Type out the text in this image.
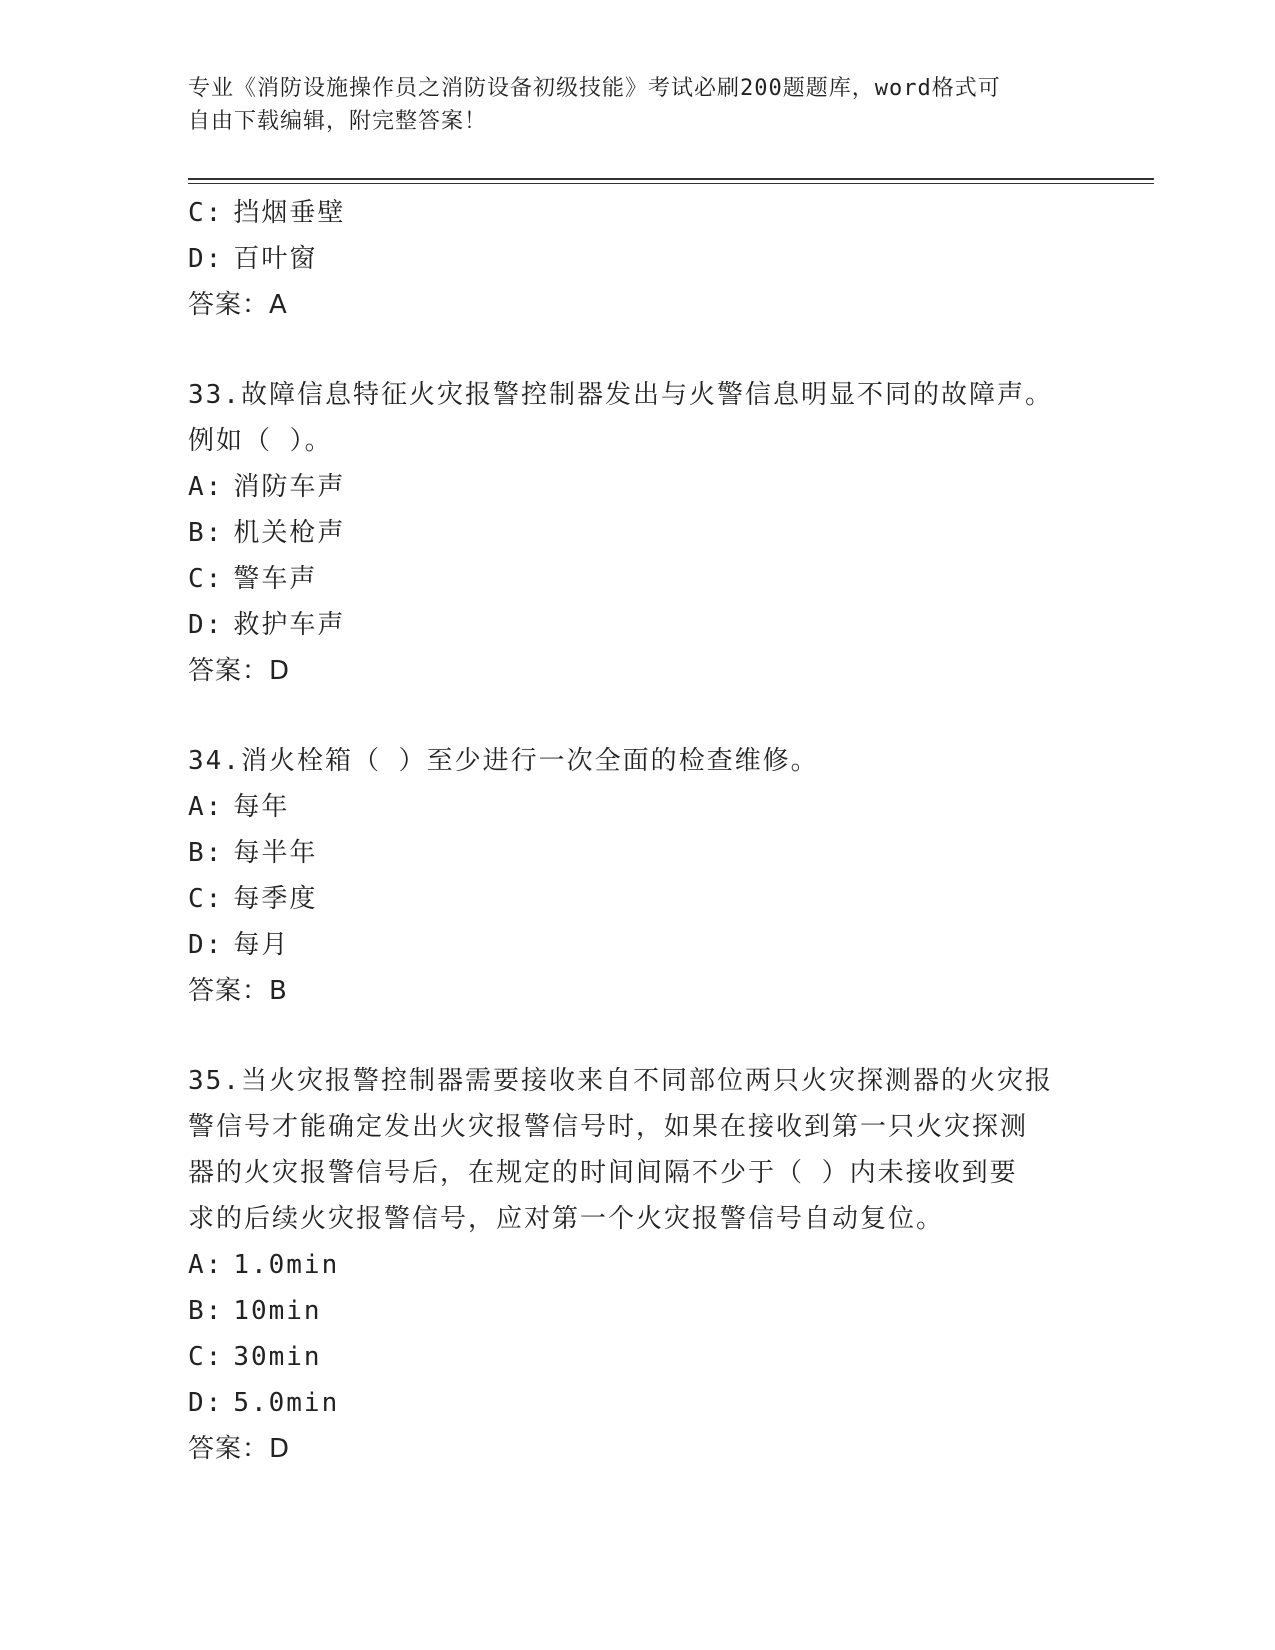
专业《消防设施操作员之消防设备初级技能》考试必刷200题题库，word格式可
自由下载编辑，附完整答案！
C: 挡烟垂壁
D: 百叶窗
答案：A
33.故障信息特征火灾报警控制器发出与火警信息明显不同的故障声。
例如（ ）。
A: 消防车声
B: 机关枪声
C: 警车声
D: 救护车声
答案：D
34.消火栓箱（ ）至少进行一次全面的检查维修。
A: 每年
B: 每半年
C: 每季度
D: 每月
答案：B
35.当火灾报警控制器需要接收来自不同部位两只火灾探测器的火灾报
警信号才能确定发出火灾报警信号时，如果在接收到第一只火灾探测
器的火灾报警信号后，在规定的时间间隔不少于（ ）内未接收到要
求的后续火灾报警信号，应对第一个火灾报警信号自动复位。
A: 1.0min
B: 10min
C: 30min
D: 5.0min
答案：D
